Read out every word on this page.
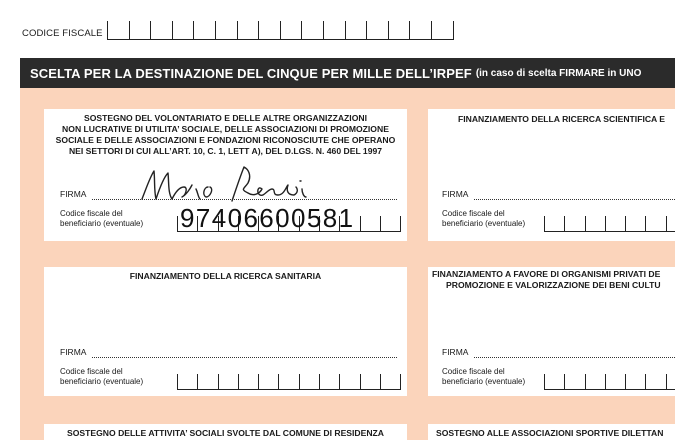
CODICE FISCALE
SCELTA PER LA DESTINAZIONE DEL CINQUE PER MILLE DELL’IRPEF (in caso di scelta FIRMARE in UNO
SOSTEGNO DEL VOLONTARIATO E DELLE ALTRE ORGANIZZAZIONI
NON LUCRATIVE DI UTILITA’ SOCIALE, DELLE ASSOCIAZIONI DI PROMOZIONE
SOCIALE E DELLE ASSOCIAZIONI E FONDAZIONI RICONOSCIUTE CHE OPERANO
NEI SETTORI DI CUI ALL’ART. 10, C. 1, LETT A), DEL D.LGS. N. 460 DEL 1997
FIRMA
Codice fiscale del
beneficiario (eventuale) 97406600581
FINANZIAMENTO DELLA RICERCA SCIENTIFICA E
FIRMA
Codice fiscale del
beneficiario (eventuale)
FINANZIAMENTO DELLA RICERCA SANITARIA
FIRMA
Codice fiscale del
beneficiario (eventuale)
FINANZIAMENTO A FAVORE DI ORGANISMI PRIVATI DE
PROMOZIONE E VALORIZZAZIONE DEI BENI CULTU
FIRMA
Codice fiscale del
beneficiario (eventuale)
SOSTEGNO DELLE ATTIVITA’ SOCIALI SVOLTE DAL COMUNE DI RESIDENZA	SOSTEGNO ALLE ASSOCIAZIONI SPORTIVE DILETTAN
